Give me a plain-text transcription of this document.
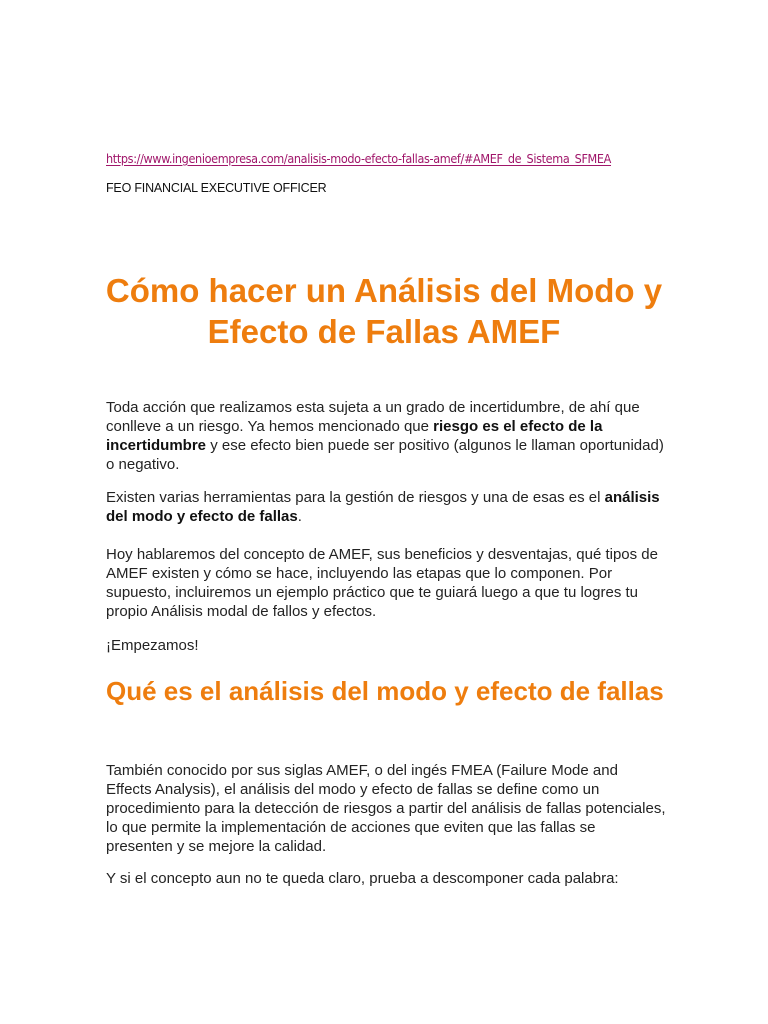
https://www.ingenioempresa.com/analisis-modo-efecto-fallas-amef/#AMEF_de_Sistema_SFMEA
FEO FINANCIAL EXECUTIVE OFFICER
Cómo hacer un Análisis del Modo y Efecto de Fallas AMEF

Toda acción que realizamos esta sujeta a un grado de incertidumbre, de ahí que conlleve a un riesgo. Ya hemos mencionado que riesgo es el efecto de la incertidumbre y ese efecto bien puede ser positivo (algunos le llaman oportunidad) o negativo.

Existen varias herramientas para la gestión de riesgos y una de esas es el análisis del modo y efecto de fallas.

Hoy hablaremos del concepto de AMEF, sus beneficios y desventajas, qué tipos de AMEF existen y cómo se hace, incluyendo las etapas que lo componen. Por supuesto, incluiremos un ejemplo práctico que te guiará luego a que tu logres tu propio Análisis modal de fallos y efectos.

¡Empezamos!

Qué es el análisis del modo y efecto de fallas

También conocido por sus siglas AMEF, o del ingés FMEA (Failure Mode and Effects Analysis), el análisis del modo y efecto de fallas se define como un procedimiento para la detección de riesgos a partir del análisis de fallas potenciales, lo que permite la implementación de acciones que eviten que las fallas se presenten y se mejore la calidad.

Y si el concepto aun no te queda claro, prueba a descomponer cada palabra:
